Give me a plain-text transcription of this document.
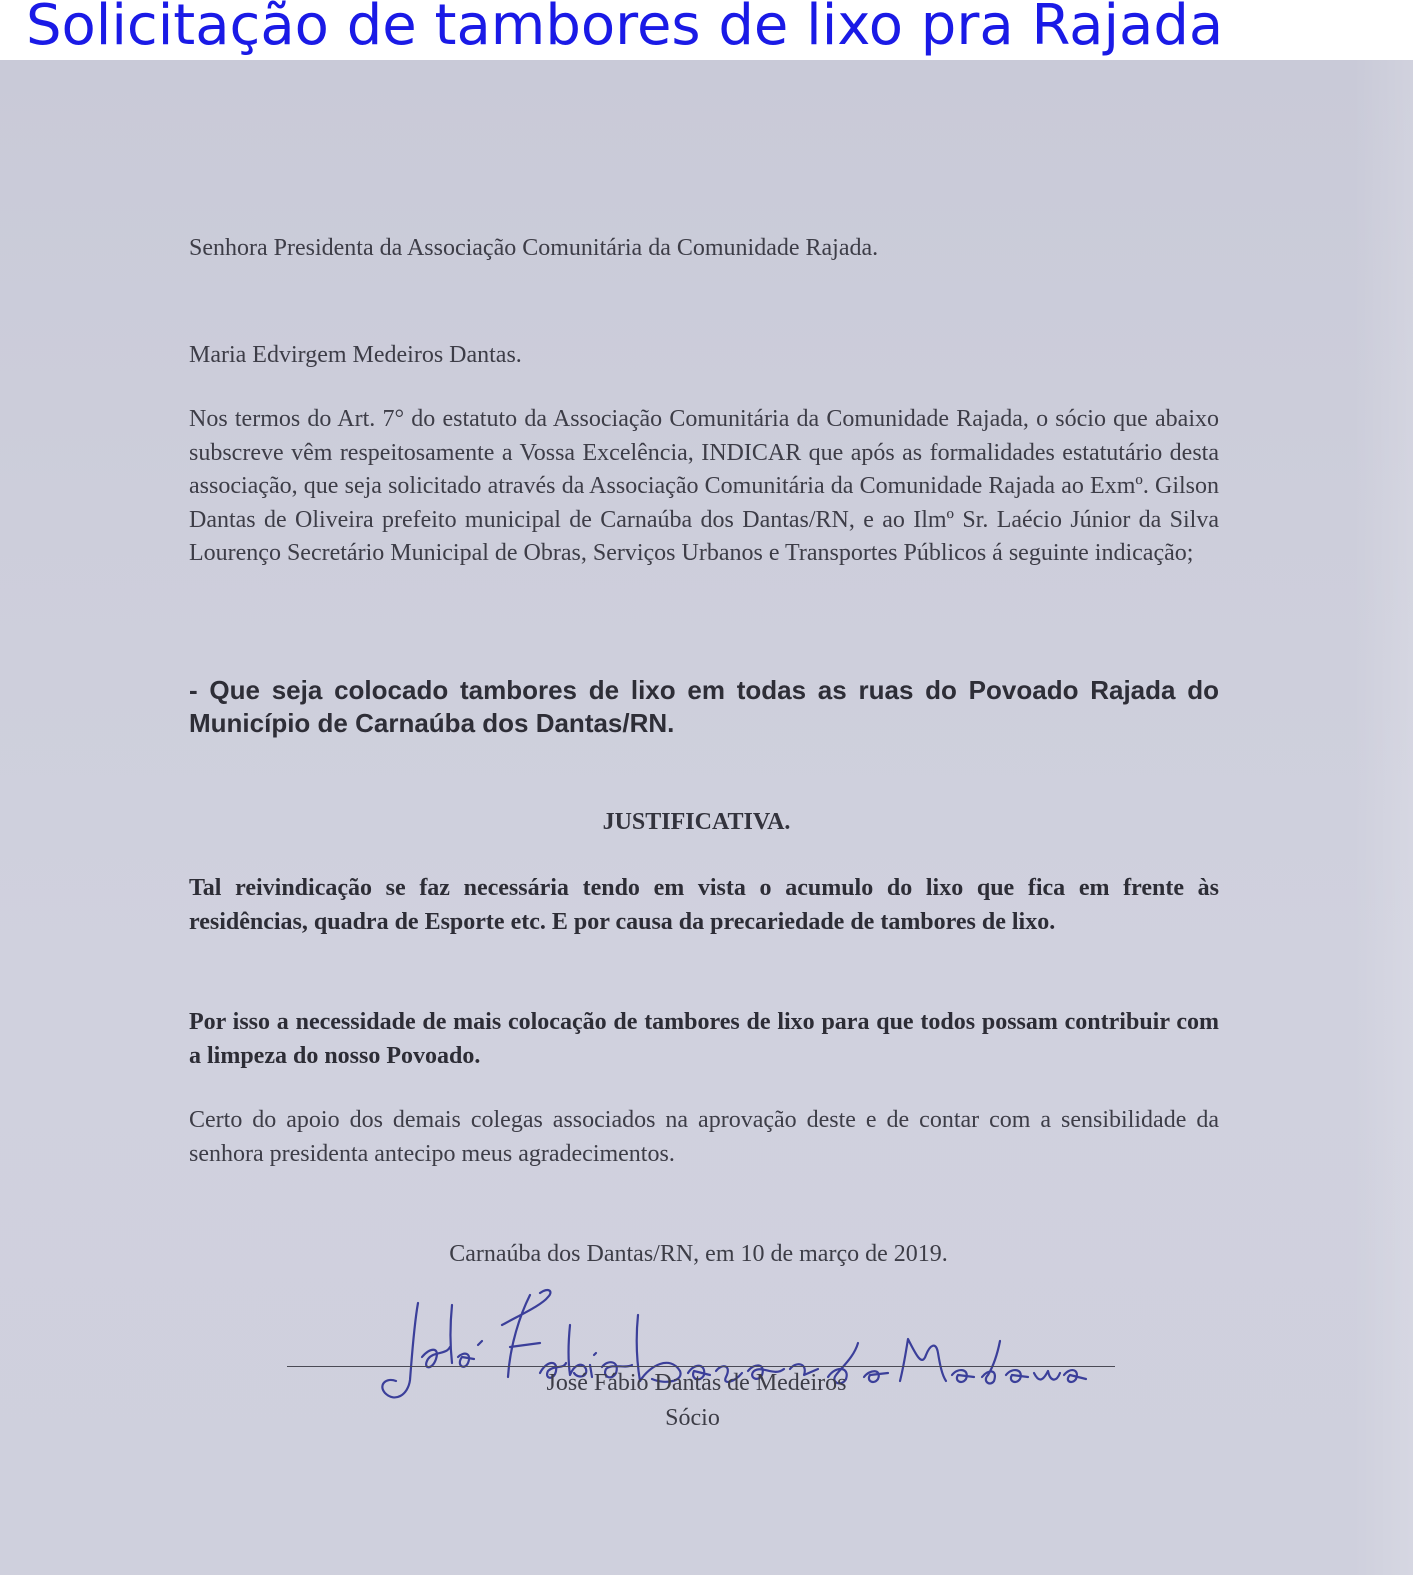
Solicitação de tambores de lixo pra Rajada
Senhora Presidenta da Associação Comunitária da Comunidade Rajada.
Maria Edvirgem Medeiros Dantas.
Nos termos do Art. 7° do estatuto da Associação Comunitária da Comunidade Rajada, o sócio que abaixo subscreve vêm respeitosamente a Vossa Excelência, INDICAR que após as formalidades estatutário desta associação, que seja solicitado através da Associação Comunitária da Comunidade Rajada ao Exmº. Gilson Dantas de Oliveira prefeito municipal de Carnaúba dos Dantas/RN, e ao Ilmº Sr. Laécio Júnior da Silva Lourenço Secretário Municipal de Obras, Serviços Urbanos e Transportes Públicos á seguinte indicação;
- Que seja colocado tambores de lixo em todas as ruas do Povoado Rajada do Município de Carnaúba dos Dantas/RN.
JUSTIFICATIVA.
Tal reivindicação se faz necessária tendo em vista o acumulo do lixo que fica em frente às residências, quadra de Esporte etc. E por causa da precariedade de tambores de lixo.
Por isso a necessidade de mais colocação de tambores de lixo para que todos possam contribuir com a limpeza do nosso Povoado.
Certo do apoio dos demais colegas associados na aprovação deste e de contar com a sensibilidade da senhora presidenta antecipo meus agradecimentos.
Carnaúba dos Dantas/RN, em 10 de março de 2019.
José Fábio Dantas de Medeiros
Sócio
